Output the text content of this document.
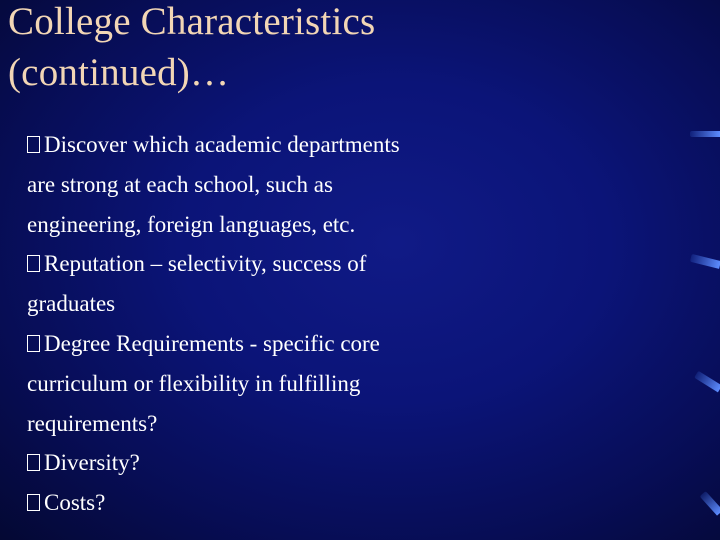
College Characteristics
(continued)…
Discover which academic departments
are strong at each school, such as
engineering, foreign languages, etc.
Reputation – selectivity, success of
graduates
Degree Requirements - specific core
curriculum or flexibility in fulfilling
requirements?
Diversity?
Costs?
